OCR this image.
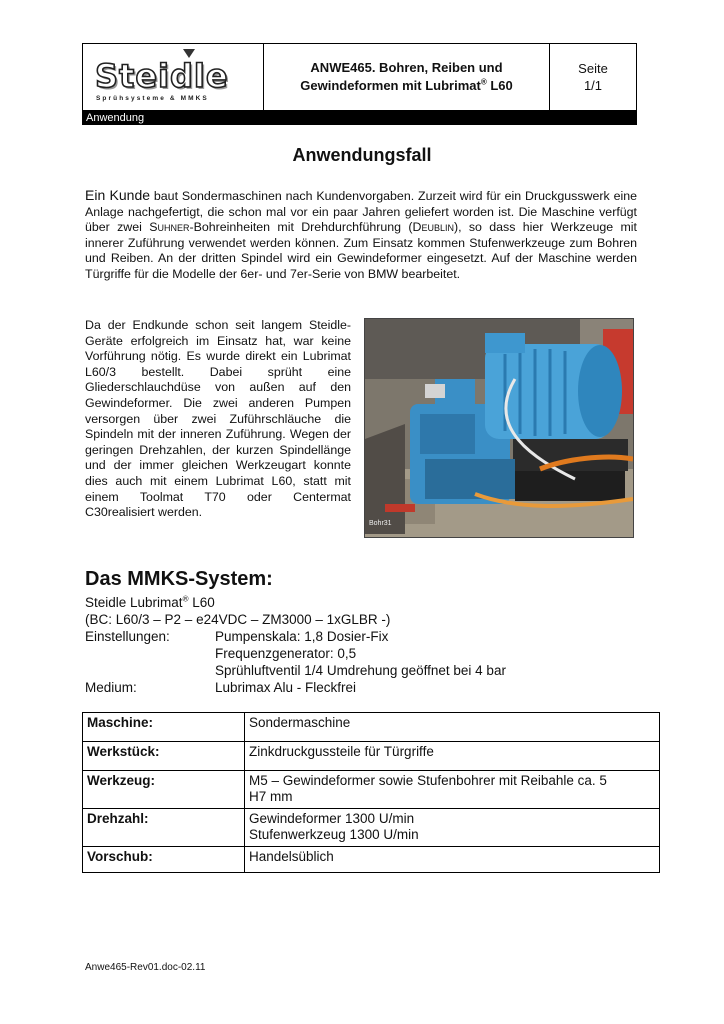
Steidle
Sprühsysteme & MMKS
ANWE465. Bohren, Reiben und
Gewindeformen mit Lubrimat® L60
Seite
1/1
Anwendung
Anwendungsfall

Ein Kunde baut Sondermaschinen nach Kundenvorgaben. Zurzeit wird für ein Druckgusswerk eine Anlage nachgefertigt, die schon mal vor ein paar Jahren geliefert worden ist. Die Maschine verfügt über zwei Suhner-Bohreinheiten mit Drehdurchführung (Deublin), so dass hier Werkzeuge mit innerer Zuführung verwendet werden können. Zum Einsatz kommen Stufenwerkzeuge zum Bohren und Reiben. An der dritten Spindel wird ein Gewindeformer eingesetzt. Auf der Maschine werden Türgriffe für die Modelle der 6er- und 7er-Serie von BMW bearbeitet.

Da der Endkunde schon seit langem Steidle-Geräte erfolgreich im Einsatz hat, war keine Vorführung nötig. Es wurde direkt ein Lubrimat L60/3 bestellt. Dabei sprüht eine Gliederschlauchdüse von außen auf den Gewindeformer. Die zwei anderen Pumpen versorgen über zwei Zuführschläuche die Spindeln mit der inneren Zuführung. Wegen der geringen Drehzahlen, der kurzen Spindellänge und der immer gleichen Werkzeugart konnte dies auch mit einem Lubrimat L60, statt mit einem Toolmat T70 oder Centermat C30realisiert werden.

Bohr31
Das MMKS-System:
Steidle Lubrimat® L60
(BC: L60/3 – P2 – e24VDC – ZM3000 – 1xGLBR -)
Einstellungen:	Pumpenskala: 1,8 Dosier-Fix
Frequenzgenerator: 0,5
Sprühluftventil 1/4 Umdrehung geöffnet bei 4 bar
Medium:	Lubrimax Alu - Fleckfrei
Maschine:	Sondermaschine
Werkstück:	Zinkdruckgussteile für Türgriffe
Werkzeug:	M5 – Gewindeformer sowie Stufenbohrer mit Reibahle ca. 5
H7 mm
Drehzahl:	Gewindeformer 1300 U/min
Stufenwerkzeug 1300 U/min
Vorschub:	Handelsüblich
Anwe465-Rev01.doc-02.11
